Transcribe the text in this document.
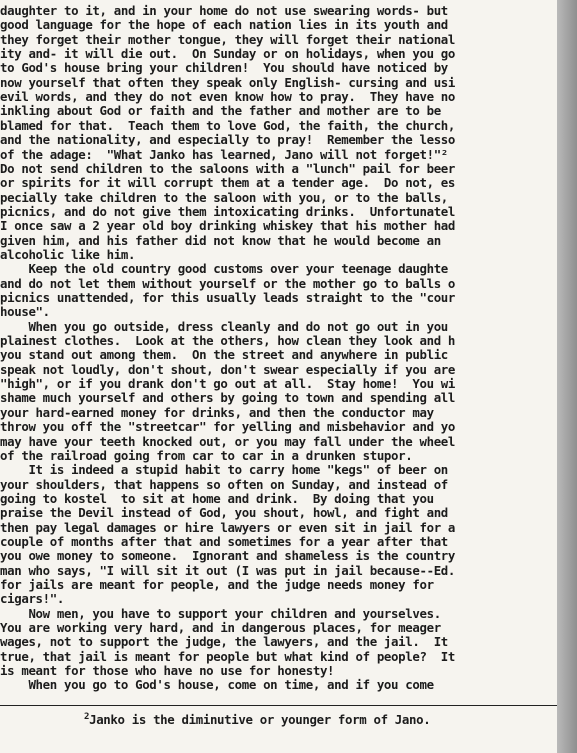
daughter to it, and in your home do not use swearing words- but
good language for the hope of each nation lies in its youth and
they forget their mother tongue, they will forget their national
ity and- it will die out.  On Sunday or on holidays, when you go
to God's house bring your children!  You should have noticed by
now yourself that often they speak only English- cursing and usi
evil words, and they do not even know how to pray.  They have no
inkling about God or faith and the father and mother are to be
blamed for that.  Teach them to love God, the faith, the church,
and the nationality, and especially to pray!  Remember the lesso
of the adage:  "What Janko has learned, Jano will not forget!"²
Do not send children to the saloons with a "lunch" pail for beer
or spirits for it will corrupt them at a tender age.  Do not, es
pecially take children to the saloon with you, or to the balls,
picnics, and do not give them intoxicating drinks.  Unfortunatel
I once saw a 2 year old boy drinking whiskey that his mother had
given him, and his father did not know that he would become an
alcoholic like him.
Keep the old country good customs over your teenage daughte
and do not let them without yourself or the mother go to balls o
picnics unattended, for this usually leads straight to the "cour
house".
When you go outside, dress cleanly and do not go out in you
plainest clothes.  Look at the others, how clean they look and h
you stand out among them.  On the street and anywhere in public
speak not loudly, don't shout, don't swear especially if you are
"high", or if you drank don't go out at all.  Stay home!  You wi
shame much yourself and others by going to town and spending all
your hard-earned money for drinks, and then the conductor may
throw you off the "streetcar" for yelling and misbehavior and yo
may have your teeth knocked out, or you may fall under the wheel
of the railroad going from car to car in a drunken stupor.
It is indeed a stupid habit to carry home "kegs" of beer on
your shoulders, that happens so often on Sunday, and instead of
going to kostel  to sit at home and drink.  By doing that you
praise the Devil instead of God, you shout, howl, and fight and
then pay legal damages or hire lawyers or even sit in jail for a
couple of months after that and sometimes for a year after that
you owe money to someone.  Ignorant and shameless is the country
man who says, "I will sit it out (I was put in jail because--Ed.
for jails are meant for people, and the judge needs money for
cigars!".
Now men, you have to support your children and yourselves.
You are working very hard, and in dangerous places, for meager
wages, not to support the judge, the lawyers, and the jail.  It
true, that jail is meant for people but what kind of people?  It
is meant for those who have no use for honesty!
When you go to God's house, come on time, and if you come
$^2$Janko is the diminutive or younger form of Jano.
